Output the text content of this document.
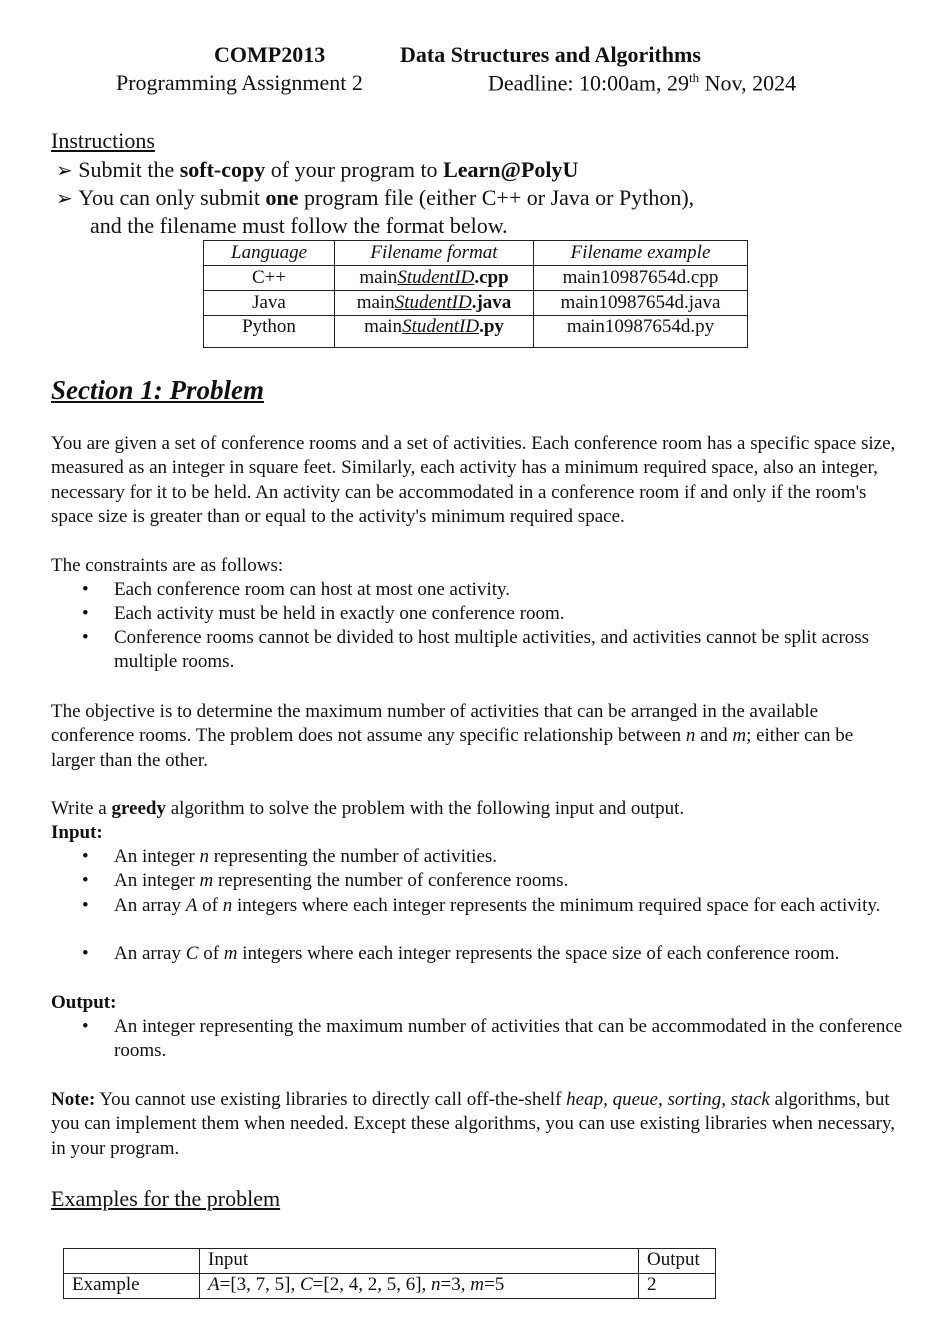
COMP2013	Data Structures and Algorithms
Programming Assignment 2	Deadline: 10:00am, 29th Nov, 2024
Instructions
➢ Submit the soft-copy of your program to Learn@PolyU
➢ You can only submit one program file (either C++ or Java or Python),
and the filename must follow the format below.
Language	Filename format	Filename example
C++	mainStudentID.cpp	main10987654d.cpp
Java	mainStudentID.java	main10987654d.java
Python	mainStudentID.py	main10987654d.py
Section 1: Problem
You are given a set of conference rooms and a set of activities. Each conference room has a specific space size, measured as an integer in square feet. Similarly, each activity has a minimum required space, also an integer, necessary for it to be held. An activity can be accommodated in a conference room if and only if the room's space size is greater than or equal to the activity's minimum required space.
The constraints are as follows:
• Each conference room can host at most one activity.
• Each activity must be held in exactly one conference room.
• Conference rooms cannot be divided to host multiple activities, and activities cannot be split across multiple rooms.
The objective is to determine the maximum number of activities that can be arranged in the available conference rooms. The problem does not assume any specific relationship between n and m; either can be larger than the other.
Write a greedy algorithm to solve the problem with the following input and output.
Input:
• An integer n representing the number of activities.
• An integer m representing the number of conference rooms.
• An array A of n integers where each integer represents the minimum required space for each activity.
• An array C of m integers where each integer represents the space size of each conference room.
Output:
• An integer representing the maximum number of activities that can be accommodated in the conference rooms.
Note: You cannot use existing libraries to directly call off-the-shelf heap, queue, sorting, stack algorithms, but you can implement them when needed. Except these algorithms, you can use existing libraries when necessary, in your program.
Examples for the problem
	Input	Output
Example	A=[3, 7, 5], C=[2, 4, 2, 5, 6], n=3, m=5	2
